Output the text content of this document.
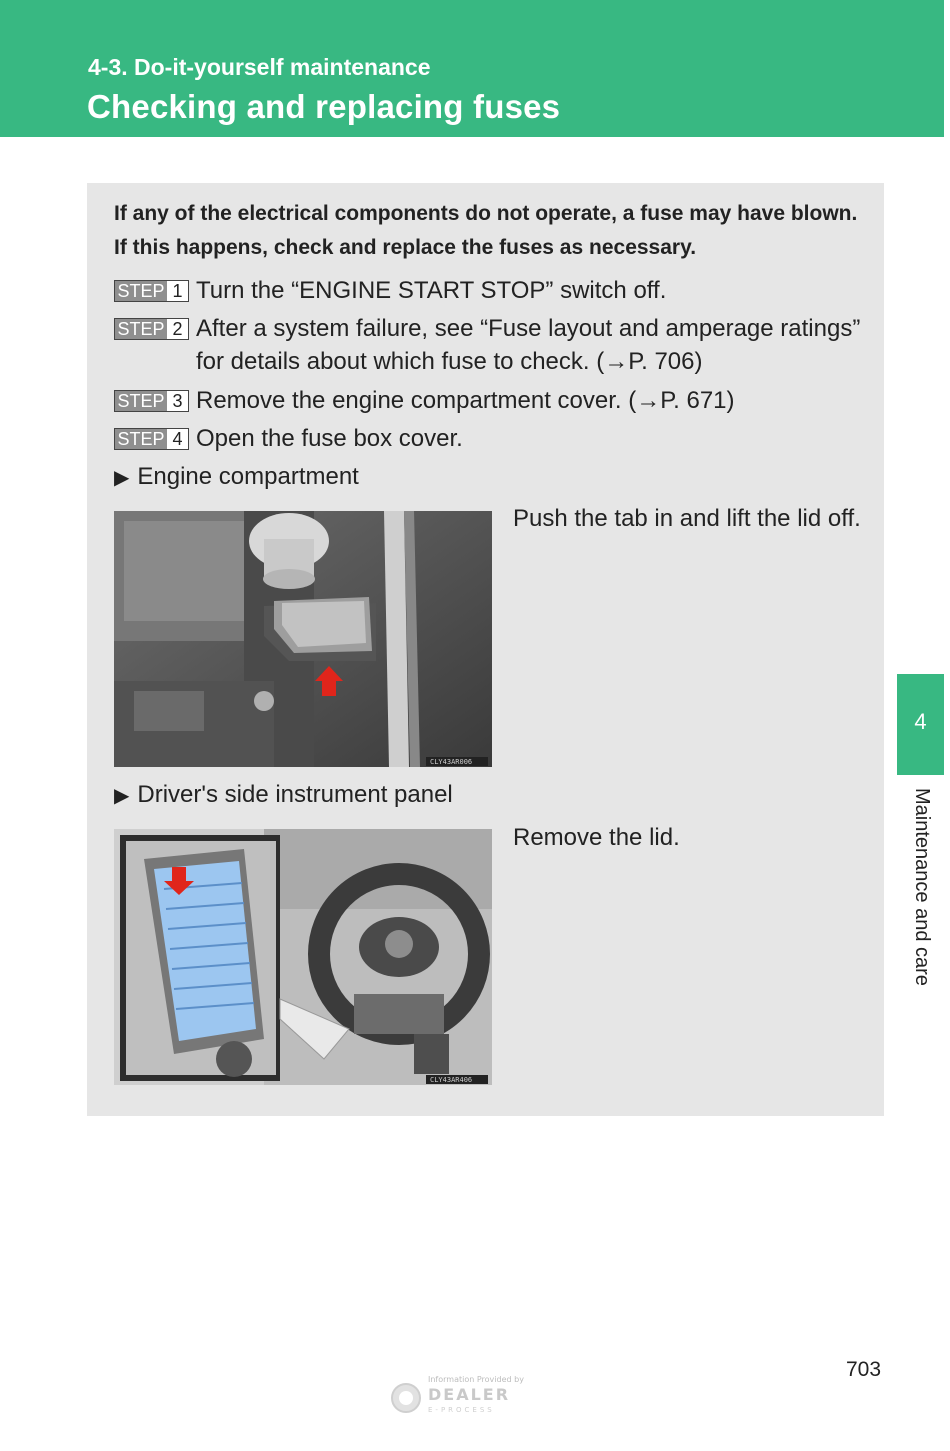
4-3. Do-it-yourself maintenance
Checking and replacing fuses
If any of the electrical components do not operate, a fuse may have blown.
If this happens, check and replace the fuses as necessary.
STEP 1 Turn the “ENGINE START STOP” switch off.
STEP 2 After a system failure, see “Fuse layout and amperage ratings”
for details about which fuse to check. (→P. 706)
STEP 3 Remove the engine compartment cover. (→P. 671)
STEP 4 Open the fuse box cover.
▶ Engine compartment
CLY43AR006
Push the tab in and lift the lid off.
▶ Driver's side instrument panel
CLY43AR406
Remove the lid.
4
Maintenance and care
703
Information Provided by
DEALER
E-PROCESS
